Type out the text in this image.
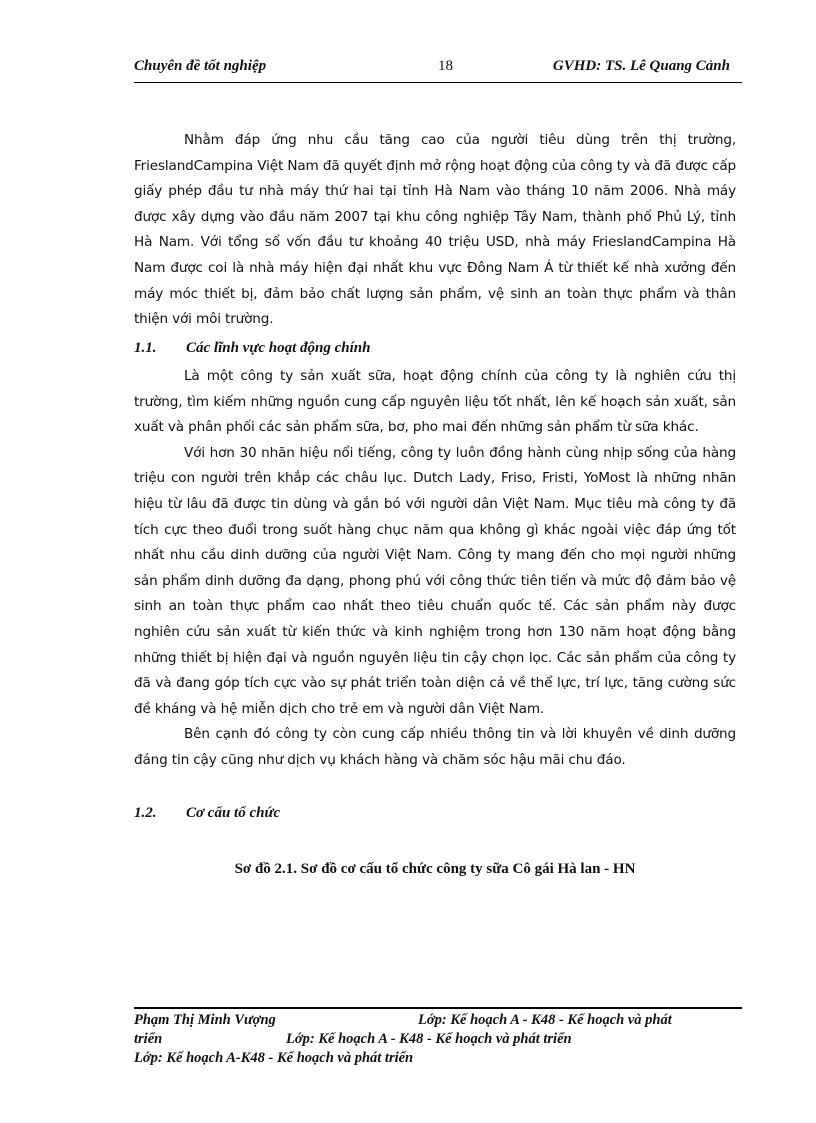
Chuyên đề tốt nghiệp	18	GVHD: TS. Lê Quang Cảnh

Nhằm đáp ứng nhu cầu tăng cao của người tiêu dùng trên thị trường, FrieslandCampina Việt Nam đã quyết định mở rộng hoạt động của công ty và đã được cấp giấy phép đầu tư nhà máy thứ hai tại tỉnh Hà Nam vào tháng 10 năm 2006. Nhà máy được xây dựng vào đầu năm 2007 tại khu công nghiệp Tây Nam, thành phố Phủ Lý, tỉnh Hà Nam. Với tổng số vốn đầu tư khoảng 40 triệu USD, nhà máy FrieslandCampina Hà Nam được coi là nhà máy hiện đại nhất khu vực Đông Nam Á từ thiết kế nhà xưởng đến máy móc thiết bị, đảm bảo chất lượng sản phẩm, vệ sinh an toàn thực phẩm và thân thiện với môi trường.

1.1. Các lĩnh vực hoạt động chính

Là một công ty sản xuất sữa, hoạt động chính của công ty là nghiên cứu thị trường, tìm kiếm những nguồn cung cấp nguyên liệu tốt nhất, lên kế hoạch sản xuất, sản xuất và phân phối các sản phẩm sữa, bơ, pho mai đến những sản phẩm từ sữa khác.

Với hơn 30 nhãn hiệu nổi tiếng, công ty luôn đồng hành cùng nhịp sống của hàng triệu con người trên khắp các châu lục. Dutch Lady, Friso, Fristi, YoMost là những nhãn hiệu từ lâu đã được tin dùng và gắn bó với người dân Việt Nam. Mục tiêu mà công ty đã tích cực theo đuổi trong suốt hàng chục năm qua không gì khác ngoài việc đáp ứng tốt nhất nhu cầu dinh dưỡng của người Việt Nam. Công ty mang đến cho mọi người những sản phẩm dinh dưỡng đa dạng, phong phú với công thức tiên tiến và mức độ đảm bảo vệ sinh an toàn thực phẩm cao nhất theo tiêu chuẩn quốc tế. Các sản phẩm này được nghiên cứu sản xuất từ kiến thức và kinh nghiệm trong hơn 130 năm hoạt động bằng những thiết bị hiện đại và nguồn nguyên liệu tin cậy chọn lọc. Các sản phẩm của công ty đã và đang góp tích cực vào sự phát triển toàn diện cả về thể lực, trí lực, tăng cường sức đề kháng và hệ miễn dịch cho trẻ em và người dân Việt Nam.

Bên cạnh đó công ty còn cung cấp nhiều thông tin và lời khuyên về dinh dưỡng đáng tin cậy cũng như dịch vụ khách hàng và chăm sóc hậu mãi chu đáo.

1.2. Cơ cấu tổ chức
Sơ đồ 2.1. Sơ đồ cơ cấu tổ chức công ty sữa Cô gái Hà lan - HN
Phạm Thị Minh Vượng	Lớp: Kế hoạch A - K48 - Kế hoạch và phát
triển	Lớp: Kế hoạch A - K48 - Kế hoạch và phát triển
Lớp: Kế hoạch A-K48 - Kế hoạch và phát triển
